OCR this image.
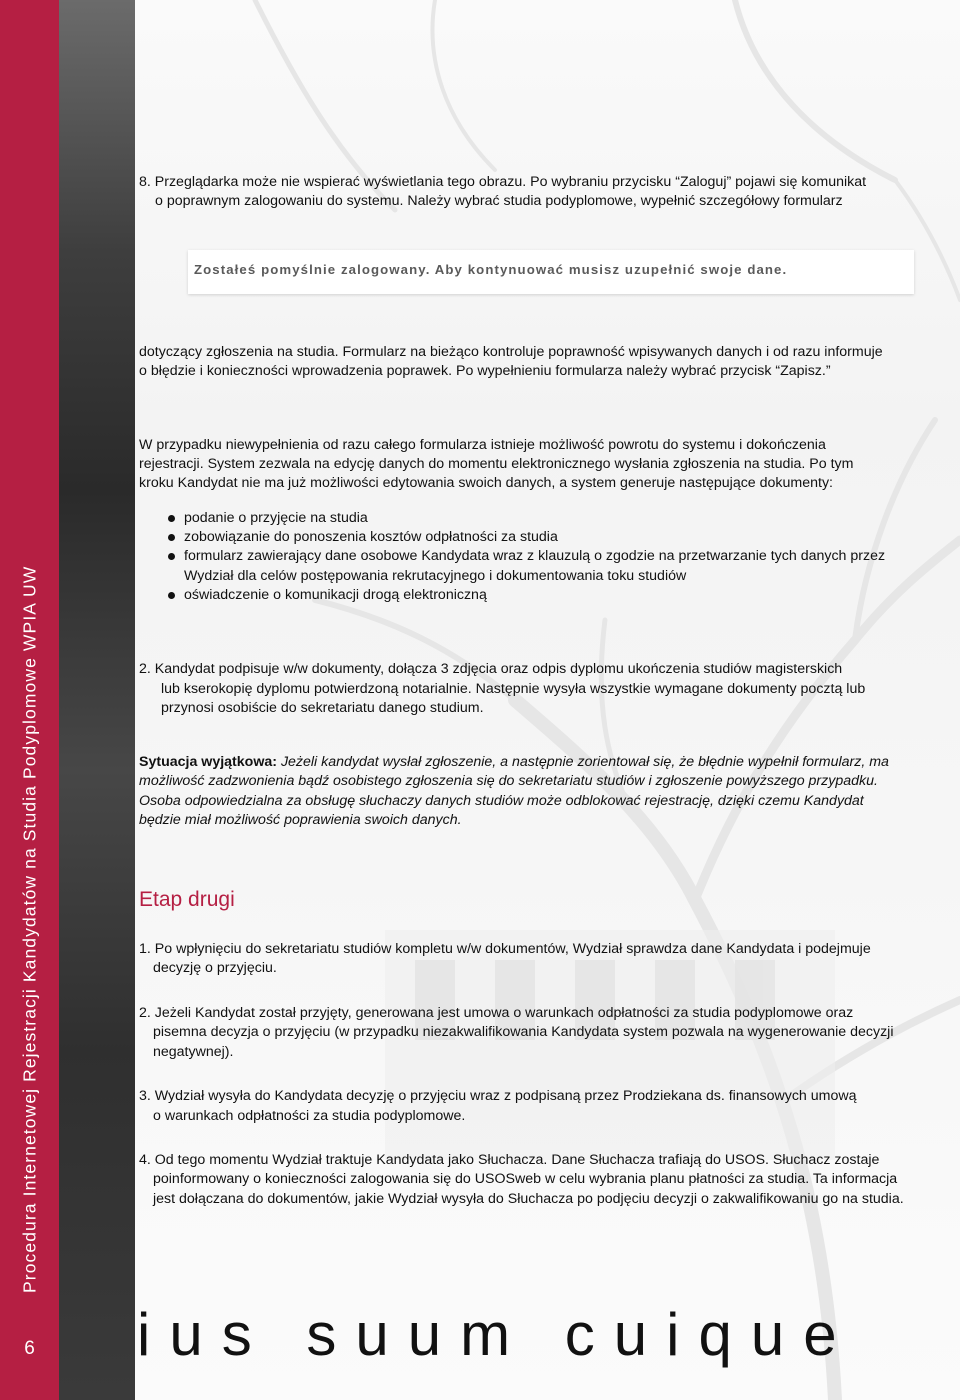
Procedura Internetowej Rejestracji Kandydatów na Studia Podyplomowe WPIA UW
6
8. Przeglądarka może nie wspierać wyświetlania tego obrazu. Po wybraniu przycisku “Zaloguj” pojawi się komunikat
o poprawnym zalogowaniu do systemu. Należy wybrać studia podyplomowe, wypełnić szczegółowy formularz
Zostałeś pomyślnie zalogowany. Aby kontynuować musisz uzupełnić swoje dane.
dotyczący zgłoszenia na studia. Formularz na bieżąco kontroluje poprawność wpisywanych danych i od razu informuje
o błędzie i konieczności wprowadzenia poprawek. Po wypełnieniu formularza należy wybrać przycisk “Zapisz.”
W przypadku niewypełnienia od razu całego formularza istnieje możliwość powrotu do systemu i dokończenia
rejestracji. System zezwala na edycję danych do momentu elektronicznego wysłania zgłoszenia na studia. Po tym
kroku Kandydat nie ma już możliwości edytowania swoich danych, a system generuje następujące dokumenty:
podanie o przyjęcie na studia
zobowiązanie do ponoszenia kosztów odpłatności za studia
formularz zawierający dane osobowe Kandydata wraz z klauzulą o zgodzie na przetwarzanie tych danych przez Wydział dla celów postępowania rekrutacyjnego i dokumentowania toku studiów
oświadczenie o komunikacji drogą elektroniczną
2. Kandydat podpisuje w/w dokumenty, dołącza 3 zdjęcia oraz odpis dyplomu ukończenia studiów magisterskich
lub kserokopię dyplomu potwierdzoną notarialnie. Następnie wysyła wszystkie wymagane dokumenty pocztą lub
przynosi osobiście do sekretariatu danego studium.
Sytuacja wyjątkowa: Jeżeli kandydat wysłał zgłoszenie, a następnie zorientował się, że błędnie wypełnił formularz, ma
możliwość zadzwonienia bądź osobistego zgłoszenia się do sekretariatu studiów i zgłoszenie powyższego przypadku.
Osoba odpowiedzialna za obsługę słuchaczy danych studiów może odblokować rejestrację, dzięki czemu Kandydat
będzie miał możliwość poprawienia swoich danych.
Etap drugi
1. Po wpłynięciu do sekretariatu studiów kompletu w/w dokumentów, Wydział sprawdza dane Kandydata i podejmuje
decyzję o przyjęciu.
2. Jeżeli Kandydat został przyjęty, generowana jest umowa o warunkach odpłatności za studia podyplomowe oraz
pisemna decyzja o przyjęciu (w przypadku niezakwalifikowania Kandydata system pozwala na wygenerowanie decyzji
negatywnej).
3. Wydział wysyła do Kandydata decyzję o przyjęciu wraz z podpisaną przez Prodziekana ds. finansowych umową
o warunkach odpłatności za studia podyplomowe.
4. Od tego momentu Wydział traktuje Kandydata jako Słuchacza. Dane Słuchacza trafiają do USOS. Słuchacz zostaje
poinformowany o konieczności zalogowania się do USOSweb w celu wybrania planu płatności za studia. Ta informacja
jest dołączana do dokumentów, jakie Wydział wysyła do Słuchacza po podjęciu decyzji o zakwalifikowaniu go na studia.
ius suum cuique
